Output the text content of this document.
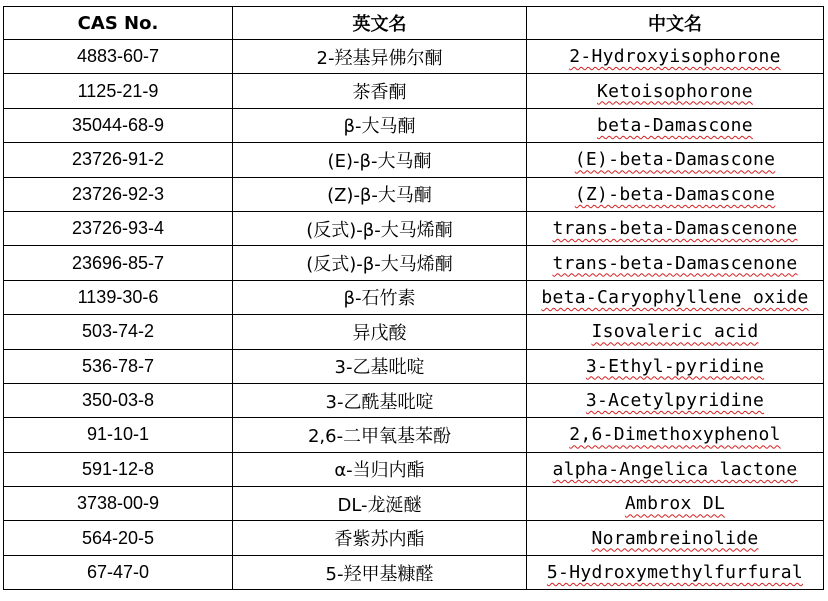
CAS No.	英文名	中文名
4883-60-7	2-羟基异佛尔酮	2-Hydroxyisophorone
1125-21-9	茶香酮	Ketoisophorone
35044-68-9	β-大马酮	beta-Damascone
23726-91-2	(E)-β-大马酮	(E)-beta-Damascone
23726-92-3	(Z)-β-大马酮	(Z)-beta-Damascone
23726-93-4	(反式)-β-大马烯酮	trans-beta-Damascenone
23696-85-7	(反式)-β-大马烯酮	trans-beta-Damascenone
1139-30-6	β-石竹素	beta-Caryophyllene oxide
503-74-2	异戊酸	Isovaleric acid
536-78-7	3-乙基吡啶	3-Ethyl-pyridine
350-03-8	3-乙酰基吡啶	3-Acetylpyridine
91-10-1	2,6-二甲氧基苯酚	2,6-Dimethoxyphenol
591-12-8	α-当归内酯	alpha-Angelica lactone
3738-00-9	DL-龙涎醚	Ambrox DL
564-20-5	香紫苏内酯	Norambreinolide
67-47-0	5-羟甲基糠醛	5-Hydroxymethylfurfural
